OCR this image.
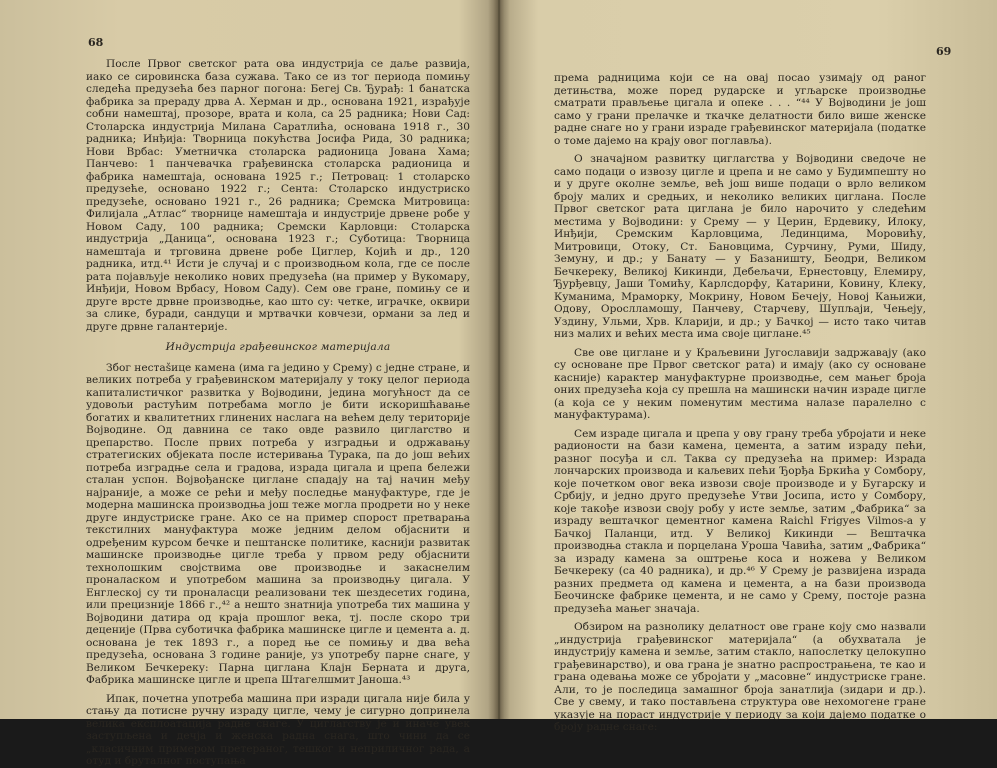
68

После Првог светског рата ова индустрија се даље развија, иако се сировинска база сужава. Тако се из тог периода помињу следећа предузећа без парног погона: Бегеј Св. Ђурађ: 1 банатска фабрика за прераду дрва А. Херман и др., основана 1921, израђује собни намештај, прозоре, врата и кола, са 25 радника; Нови Сад: Столарска индустрија Милана Саратлића, основана 1918 г., 30 радника; Инђија: Творница покућства Јосифа Рида, 30 радника; Нови Врбас: Уметничка столарска радионица Јована Хама; Панчево: 1 панчевачка грађевинска столарска радионица и фабрика намештаја, основана 1925 г.; Петровац: 1 столарско предузеће, основано 1922 г.; Сента: Столарско индустриско предузеће, основано 1921 г., 26 радника; Сремска Митровица: Филијала „Атлас“ творнице намештаја и индустрије дрвене робе у Новом Саду, 100 радника; Сремски Карловци: Столарска индустрија „Даница“, основана 1923 г.; Суботица: Творница намештаја и трговина дрвене робе Циглер, Којић и др., 120 радника, итд.⁴¹ Исти је случај и с производњом кола, где се после рата појављује неколико нових предузећа (на пример у Вукомару, Инђији, Новом Врбасу, Новом Саду). Сем ове гране, помињу се и друге врсте дрвне производње, као што су: четке, играчке, оквири за слике, буради, сандуци и мртвачки ковчези, ормани за лед и друге дрвне галантерије.

Индустрија грађевинског материјала

Због нестašице камена (има га једино у Срему) с једне стране, и великих потреба у грађевинском материјалу у току целог периода капиталистичког развитка у Војводини, једина могућност да се удовољи растућим потребама могло је бити искоришћавање богатих и квалитетних глинених наслага на већем делу територије Војводине. Од давнина се тако овде развило циглarство и црепарство. После првих потреба у изградњи и одржавању стратегиских објеката после истеривања Турака, па до још већих потреба изградње села и градова, израда цигала и црепа бележи сталан успон. Војвођанске циглане спадају на тај начин међу најраније, а може се рећи и међу последње мануфактуре, где је модерна машинска производња још теже могла продрети но у неке друге индустриске гране. Ако се на пример спорост претварања текстилних мануфактура може једним делом објаснити и одређеним курсом бечке и пештанске политике, каснији развитак машинске производње цигле треба у првом реду објаснити технолошким својствима ове производње и закаснелим проналаском и употребом машина за производњу цигала. У Енглеској су ти проналасци реализовани тек шездесетих година, или прецизније 1866 г.,⁴² а нешто знатнија употреба тих машина у Војводини датира од краја прошлог века, тј. после скоро три деценије (Прва суботичка фабрика машинске цигле и цемента а. д. основана је тек 1893 г., а поред ње се помињу и два већа предузећа, основана 3 године раније, уз употребу парне снаге, у Великом Бечкереку: Парна циглана Клајн Берната и друга, Фабрика машинске цигле и црепа Штагелшмит Јаноша.⁴³

Ипак, почетна употреба машина при изради цигала није била у стању да потисне ручну израду цигле, чему је сигурно допринела велика експлоатација радне снаге. У циглarству је и иначе увек заступљена и дечја и женска радна снага, што чини да се „класичним примером претераног, тешког и неприличног рада, а отуд и бруталног поступања

69

према радницима који се на овај посао узимају од раног детињства, може поред рударске и угљарске производње сматрати прављење цигала и опеке . . . “⁴⁴ У Војводини је још само у грани прелачке и ткачке делатности било више женске радне снаге но у грани израде грађевинског материјала (податке о томе дајемо на крају овог поглавља).

О значајном развитку циглarства у Војводини сведоче не само подаци о извозу цигле и црепа и не само у Будимпешту но и у друге околне земље, већ још више подаци о врло великом броју малих и средњих, и неколико великих циглана. После Првог светског рата циглана је било нарочито у следећим местима у Војводини: у Срему — у Церин, Ердевику, Илоку, Инђији, Сремским Карловцима, Лединцима, Моровићу, Митровици, Отоку, Ст. Бановцима, Сурчину, Руми, Шиду, Земуну, и др.; у Банату — у Базаништу, Беодри, Великом Бечкереку, Великој Кикинди, Дебељачи, Ернестовцу, Елемиру, Ђурђевцу, Јаши Томићу, Карлсдорфу, Катарини, Ковину, Клеку, Куманима, Мраморку, Мокрину, Новом Бечеју, Новој Кањижи, Одову, Орослламошу, Панчеву, Старчеву, Шупљаји, Чењеју, Уздину, Ульми, Хрв. Кларији, и др.; у Бачкој — исто тако читав низ малих и већих места има своје циглане.⁴⁵

Све ове циглане и у Краљевини Југославији задржавају (ако су основане пре Првог светског рата) и имају (ако су основане касније) карактер мануфактурне производње, сем мањег броја оних предузећа која су прешла на машински начин израде цигле (а која се у неким поменутим местима налазе паралелно с мануфактурама).

Сем израде цигала и црепа у ову грану треба убројати и неке радионости на бази камена, цемента, а затим израду пећи, разног посуђа и сл. Таква су предузећа на пример: Израда лончарских производа и каљевих пећи Ђорђа Бркића у Сомбору, које почетком овог века извози своје производе и у Бугарску и Србију, и једно друго предузеће Утви Јосипа, исто у Сомбору, које такође извози своју робу у исте земље, затим „Фабрика“ за израду вештачког цементног камена Raichl Frigyes Vilmos-а у Бачкој Паланци, итд. У Великој Кикинди — Вештачка производња стакла и порцелана Уроша Чавића, затим „Фабрика“ за израду камена за оштрење коса и ножева у Великом Бечкереку (са 40 радника), и др.⁴⁶ У Срему је развијена израда разних предмета од камена и цемента, а на бази производа Беочинске фабрике цемента, и не само у Срему, постоје разна предузећа мањег значаја.

Обзиром на разнолику делатност ове гране коју смо назвали „индустрија грађевинског материјала“ (а обухватала је индустрију камена и земље, затим стакло, напослетку целокупно грађевинарство), и ова грана је знатно распрострањена, те као и грана одевања може се убројати у „масовне“ индустриске гране. Али, то је последица замашног броја занатлија (зидари и др.). Све у свему, и тако постављена структура ове нехомогене гране указује на пораст индустрије у периоду за који дајемо податке о броју радне снаге:
